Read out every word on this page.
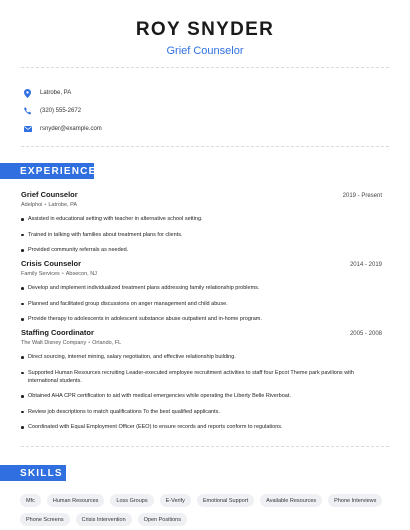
ROY SNYDER
Grief Counselor
Latrobe, PA
(320) 555-2672
rsnyder@example.com
EXPERIENCE
Grief Counselor	2019 - Present
Adelphoi • Latrobe, PA
Assisted in educational setting with teacher in alternative school setting.
Trained in talking with families about treatment plans for clients.
Provided community referrals as needed.
Crisis Counselor	2014 - 2019
Family Services • Absecon, NJ
Develop and implement individualized treatment plans addressing family relationship problems.
Planned and facilitated group discussions on anger management and child abuse.
Provide therapy to adolescents in adolescent substance abuse outpatient and in-home program.
Staffing Coordinator	2005 - 2008
The Walt Disney Company • Orlando, FL
Direct sourcing, internet mining, salary negotiation, and effective relationship building.
Supported Human Resources recruiting Leader-executed employee recruitment activities to staff four Epcot Theme park pavilions with international students.
Obtained AHA CPR certification to aid with medical emergencies while operating the Liberty Belle Riverboat.
Review job descriptions to match qualifications To the best qualified applicants.
Coordinated with Equal Employment Officer (EEO) to ensure records and reports conform to regulations.
SKILLS
Mfc	Human Resources	Loss Groups	E-Verify	Emotional Support	Available Resources	Phone Interviews
Phone Screens	Crisis Intervention	Open Positions
